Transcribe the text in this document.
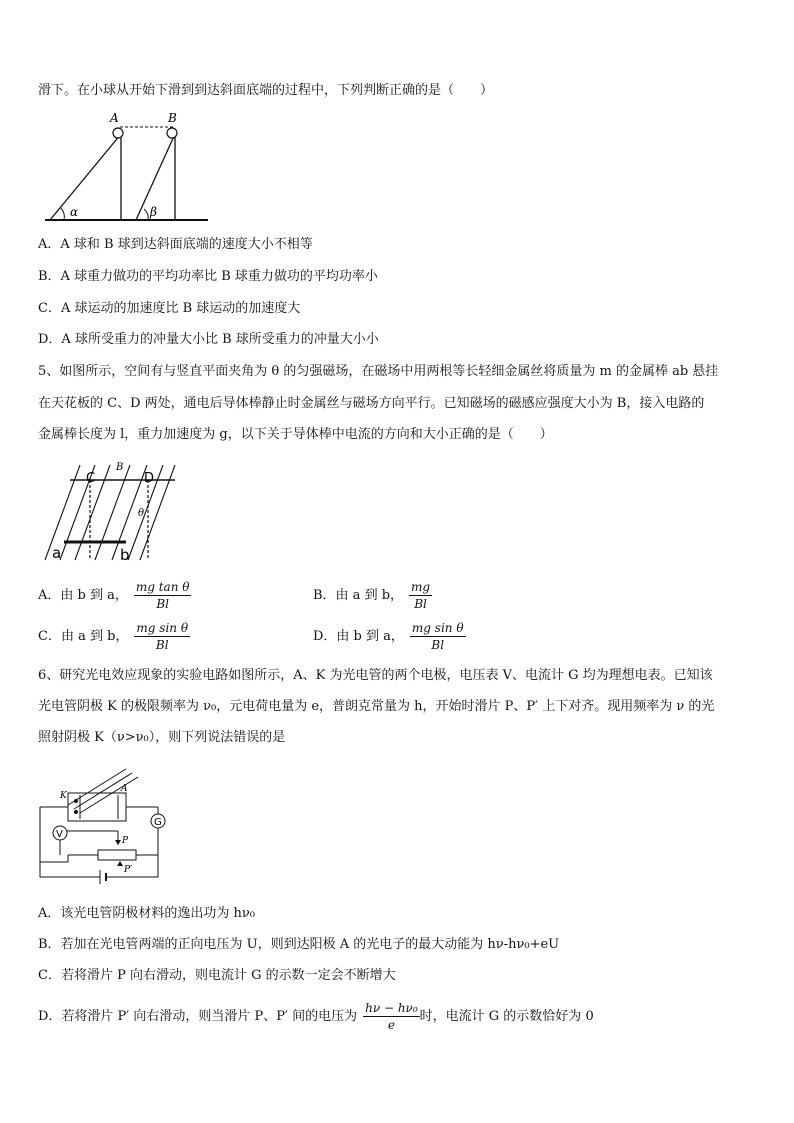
滑下。在小球从开始下滑到到达斜面底端的过程中，下列判断正确的是（　　）
A	B
α	β
A．A 球和 B 球到达斜面底端的速度大小不相等
B．A 球重力做功的平均功率比 B 球重力做功的平均功率小
C．A 球运动的加速度比 B 球运动的加速度大
D．A 球所受重力的冲量大小比 B 球所受重力的冲量大小小
5、如图所示，空间有与竖直平面夹角为 θ 的匀强磁场，在磁场中用两根等长轻细金属丝将质量为 m 的金属棒 ab 悬挂
在天花板的 C、D 两处，通电后导体棒静止时金属丝与磁场方向平行。已知磁场的磁感应强度大小为 B，接入电路的
金属棒长度为 l，重力加速度为 g，以下关于导体棒中电流的方向和大小正确的是（　　）
C	D
B
θ
a	b
A．由 b 到 a， $\frac{\text{mg tan θ}}{Bl}$	B．由 a 到 b， $\frac{mg}{Bl}$
C．由 a 到 b， $\frac{\text{mg sin θ}}{Bl}$	D．由 b 到 a， $\frac{\text{mg sin θ}}{Bl}$
6、研究光电效应现象的实验电路如图所示，A、K 为光电管的两个电极，电压表 V、电流计 G 均为理想电表。已知该
光电管阴极 K 的极限频率为 ν₀，元电荷电量为 e，普朗克常量为 h，开始时滑片 P、P′ 上下对齐。现用频率为 ν 的光
照射阴极 K（ν>ν₀），则下列说法错误的是
K
A
V
G
P
P′
A．该光电管阴极材料的逸出功为 hν₀
B．若加在光电管两端的正向电压为 U，则到达阳极 A 的光电子的最大动能为 hν-hν₀+eU
C．若将滑片 P 向右滑动，则电流计 G 的示数一定会不断增大
D．若将滑片 P′ 向右滑动，则当滑片 P、P′ 间的电压为 $\frac{\text{hν − hν₀}}{e}$ 时，电流计 G 的示数恰好为 0
